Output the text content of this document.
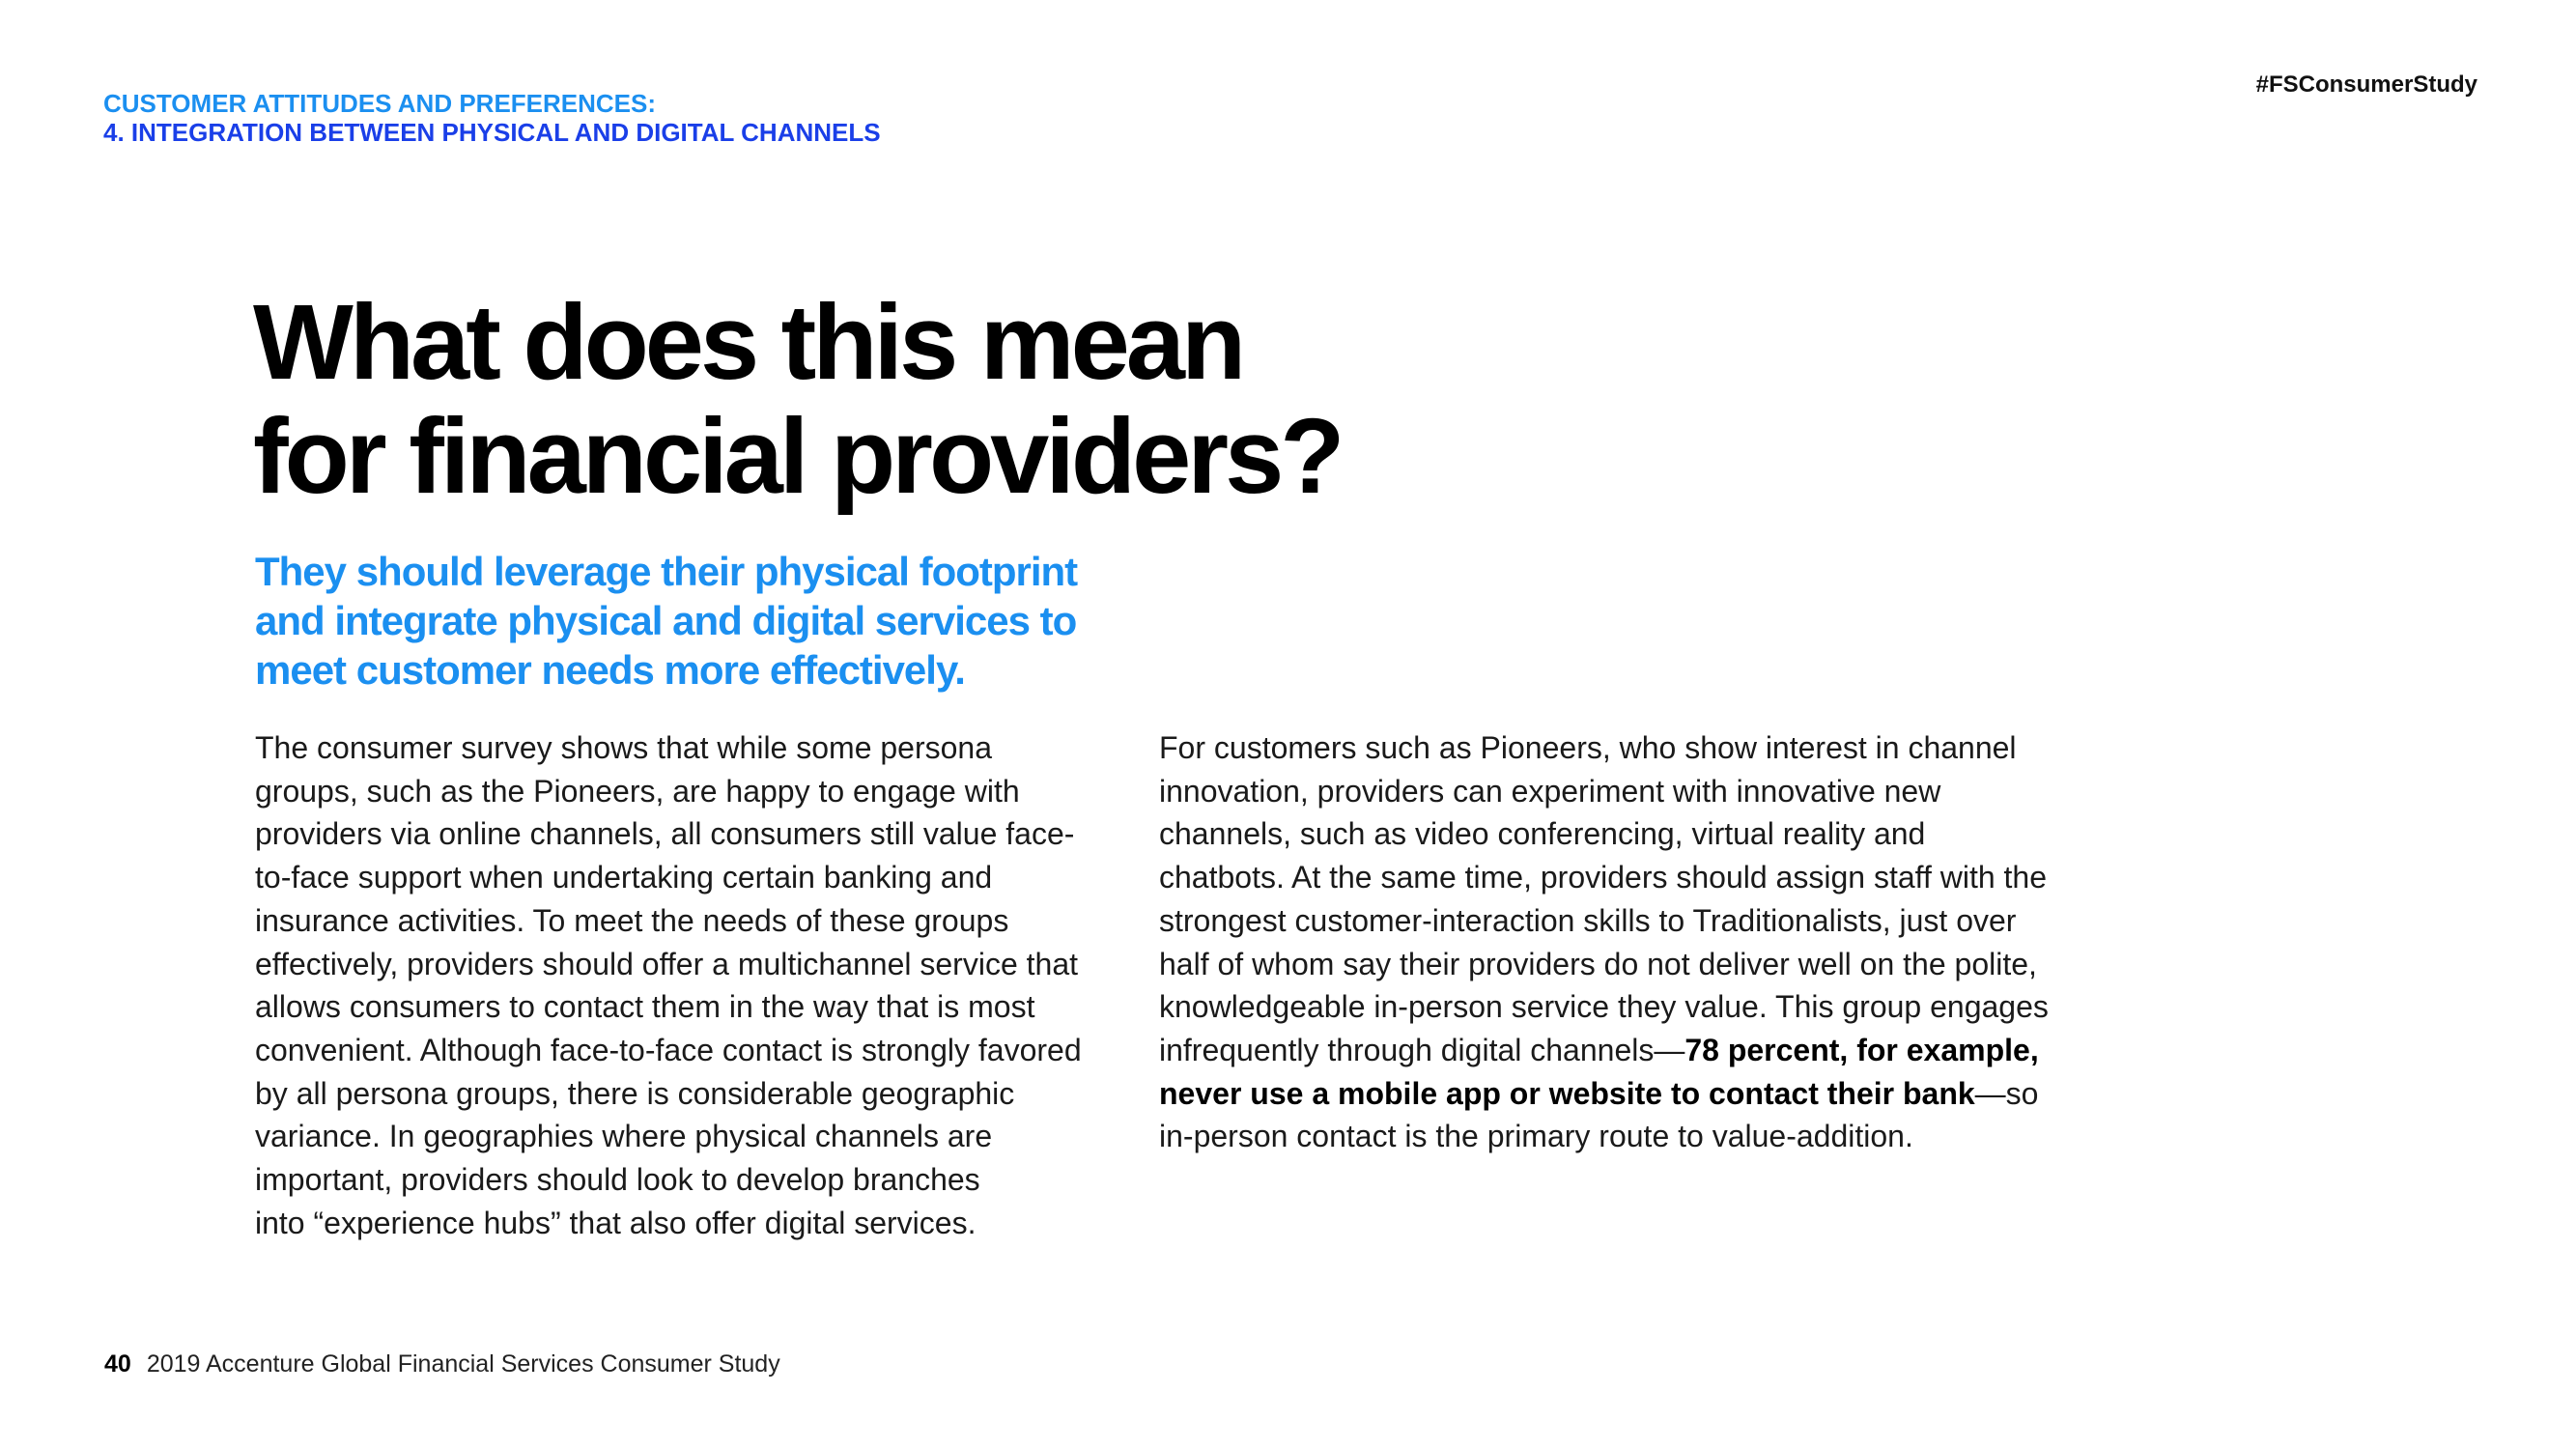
CUSTOMER ATTITUDES AND PREFERENCES:
4. INTEGRATION BETWEEN PHYSICAL AND DIGITAL CHANNELS
#FSConsumerStudy
What does this mean
for financial providers?
They should leverage their physical footprint
and integrate physical and digital services to
meet customer needs more effectively.
The consumer survey shows that while some persona
groups, such as the Pioneers, are happy to engage with
providers via online channels, all consumers still value face-
to-face support when undertaking certain banking and
insurance activities. To meet the needs of these groups
effectively, providers should offer a multichannel service that
allows consumers to contact them in the way that is most
convenient. Although face-to-face contact is strongly favored
by all persona groups, there is considerable geographic
variance. In geographies where physical channels are
important, providers should look to develop branches
into “experience hubs” that also offer digital services.
For customers such as Pioneers, who show interest in channel
innovation, providers can experiment with innovative new
channels, such as video conferencing, virtual reality and
chatbots. At the same time, providers should assign staff with the
strongest customer-interaction skills to Traditionalists, just over
half of whom say their providers do not deliver well on the polite,
knowledgeable in-person service they value. This group engages
infrequently through digital channels—78 percent, for example,
never use a mobile app or website to contact their bank—so
in-person contact is the primary route to value-addition.
40 2019 Accenture Global Financial Services Consumer Study
